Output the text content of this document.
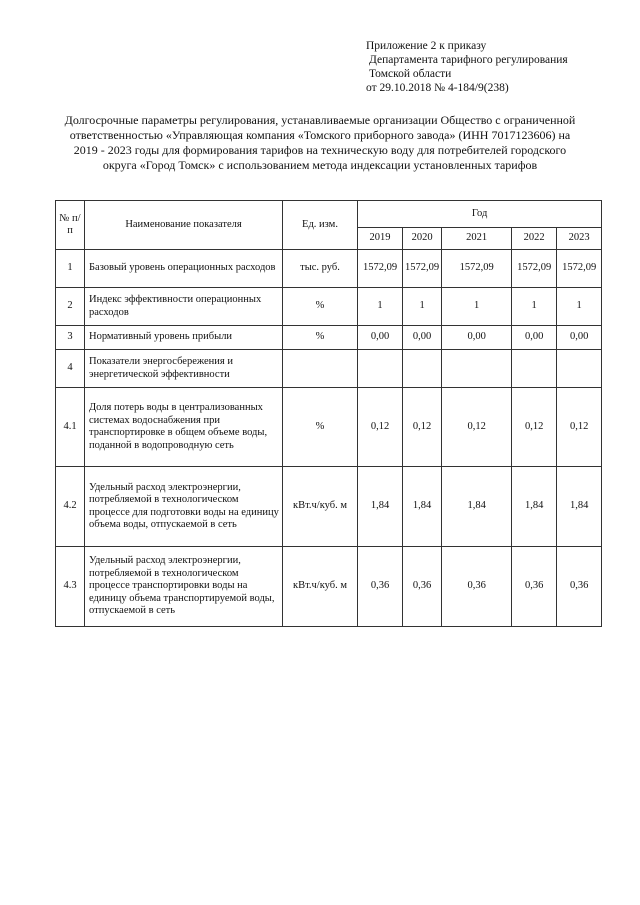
Приложение 2 к приказу
Департамента тарифного регулирования
Томской области
от 29.10.2018 № 4-184/9(238)
Долгосрочные параметры регулирования, устанавливаемые организации Общество с ограниченной ответственностью «Управляющая компания «Томского приборного завода» (ИНН 7017123606) на 2019 - 2023 годы для формирования тарифов на техническую воду для потребителей городского округа «Город Томск» с использованием метода индексации установленных тарифов
№ п/п	Наименование показателя	Ед. изм.	Год				
			2019	2020	2021	2022	2023
1	Базовый уровень операционных расходов	тыс. руб.	1572,09	1572,09	1572,09	1572,09	1572,09
2	Индекс эффективности операционных расходов	%	1	1	1	1	1
3	Нормативный уровень прибыли	%	0,00	0,00	0,00	0,00	0,00
4	Показатели энергосбережения и энергетической эффективности						
4.1	Доля потерь воды в централизованных системах водоснабжения при транспортировке в общем объеме воды, поданной в водопроводную сеть	%	0,12	0,12	0,12	0,12	0,12
4.2	Удельный расход электроэнергии, потребляемой в технологическом процессе для подготовки воды на единицу объема воды, отпускаемой в сеть	кВт.ч/куб. м	1,84	1,84	1,84	1,84	1,84
4.3	Удельный расход электроэнергии, потребляемой в технологическом процессе транспортировки воды на единицу объема транспортируемой воды, отпускаемой в сеть	кВт.ч/куб. м	0,36	0,36	0,36	0,36	0,36
